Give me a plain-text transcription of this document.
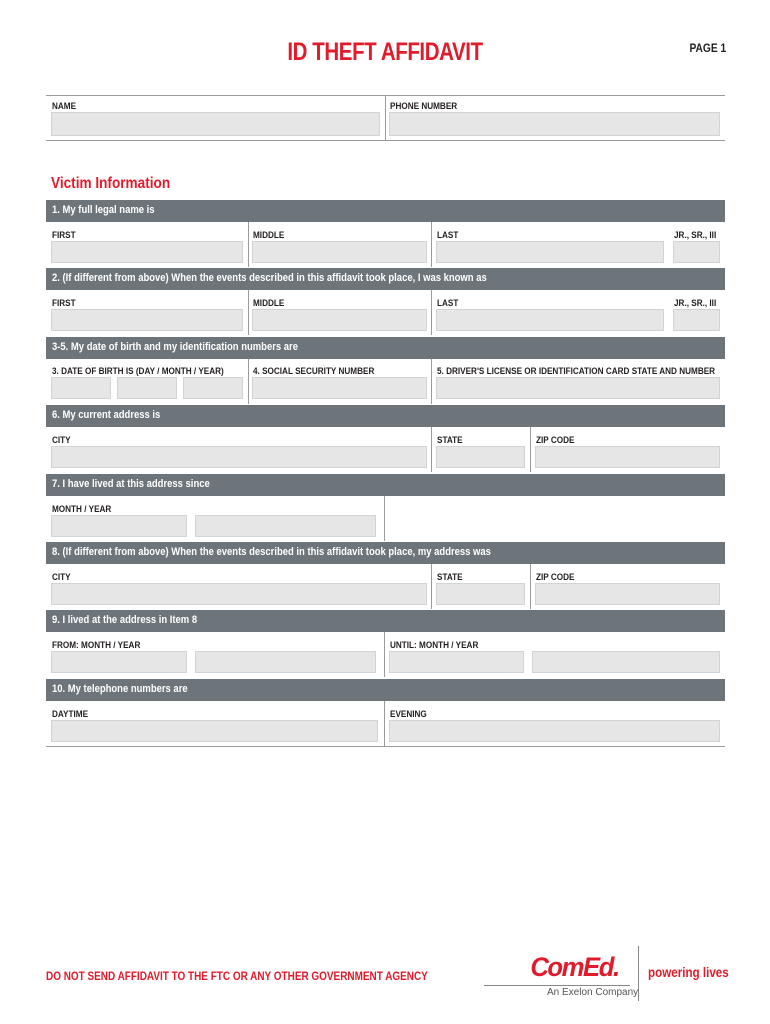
ID THEFT AFFIDAVIT	PAGE 1
NAME	PHONE NUMBER
Victim Information
1. My full legal name is
FIRST	MIDDLE	LAST	JR., SR., III
2. (If different from above) When the events described in this affidavit took place, I was known as
FIRST	MIDDLE	LAST	JR., SR., III
3-5. My date of birth and my identification numbers are
3. DATE OF BIRTH IS (DAY / MONTH / YEAR)	4. SOCIAL SECURITY NUMBER	5. DRIVER'S LICENSE OR IDENTIFICATION CARD STATE AND NUMBER
6. My current address is
CITY	STATE	ZIP CODE
7. I have lived at this address since
MONTH / YEAR
8. (If different from above) When the events described in this affidavit took place, my address was
CITY	STATE	ZIP CODE
9. I lived at the address in Item 8
FROM: MONTH / YEAR	UNTIL: MONTH / YEAR
10. My telephone numbers are
DAYTIME	EVENING
DO NOT SEND AFFIDAVIT TO THE FTC OR ANY OTHER GOVERNMENT AGENCY	ComEd.
An Exelon Company
powering lives
